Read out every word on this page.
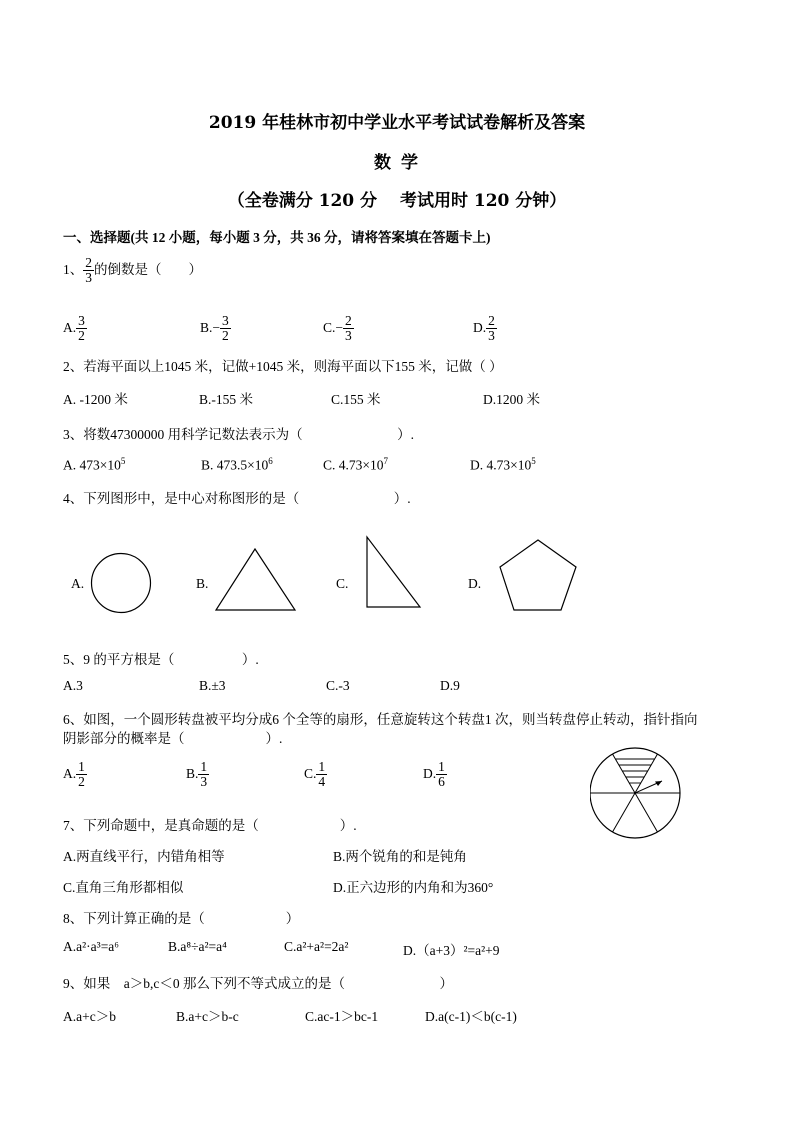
2019 年桂林市初中学业水平考试试卷解析及答案
数 学
（全卷满分 120 分　 考试用时 120 分钟）
一、选择题(共 12 小题，每小题 3 分，共 36 分，请将答案填在答题卡上)
1、 $\frac{2}{3}$ 的倒数是（　　）
A. $\frac{3}{2}$	$B.- \frac{3}{2}$	$C.- \frac{2}{3}$	D. $\frac{2}{3}$
2、若海平面以上1045 米，记做+1045 米，则海平面以下155 米，记做（ ）
A. -1200 米	B.-155 米	C.155 米	D.1200 米
3、将数47300000 用科学记数法表示为（　　　　　　　）.
A. $473\times 10^5$	B. $473.5\times 10^6$	C. $4.73\times 10^7$	D. $4.73\times 10^5$
4、下列图形中，是中心对称图形的是（　　　　　　　）.
A.	B.	C.	D.
5、9 的平方根是（　　　　　）.
A.3	B.±3	C.-3	D.9
6、如图，一个圆形转盘被平均分成6 个全等的扇形，任意旋转这个转盘1 次，则当转盘停止转动，指针指向
阴影部分的概率是（　　　　　　）.
A. $\frac{1}{2}$	B. $\frac{1}{3}$	C. $\frac{1}{4}$	D. $\frac{1}{6}$
7、下列命题中，是真命题的是（　　　　　　）.
A.两直线平行，内错角相等	B.两个锐角的和是钝角
C.直角三角形都相似	D.正六边形的内角和为360°
8、下列计算正确的是（　　　　　　）
A.a²·a³=a⁶	B.a⁸÷a²=a⁴	C.a²+a²=2a²	D.（a+3）²=a²+9
9、如果　a＞b,c＜0 那么下列不等式成立的是（　　　　　　　）
A.a+c＞b	B.a+c＞b-c	C.ac-1＞bc-1	D.a(c-1)＜b(c-1)
